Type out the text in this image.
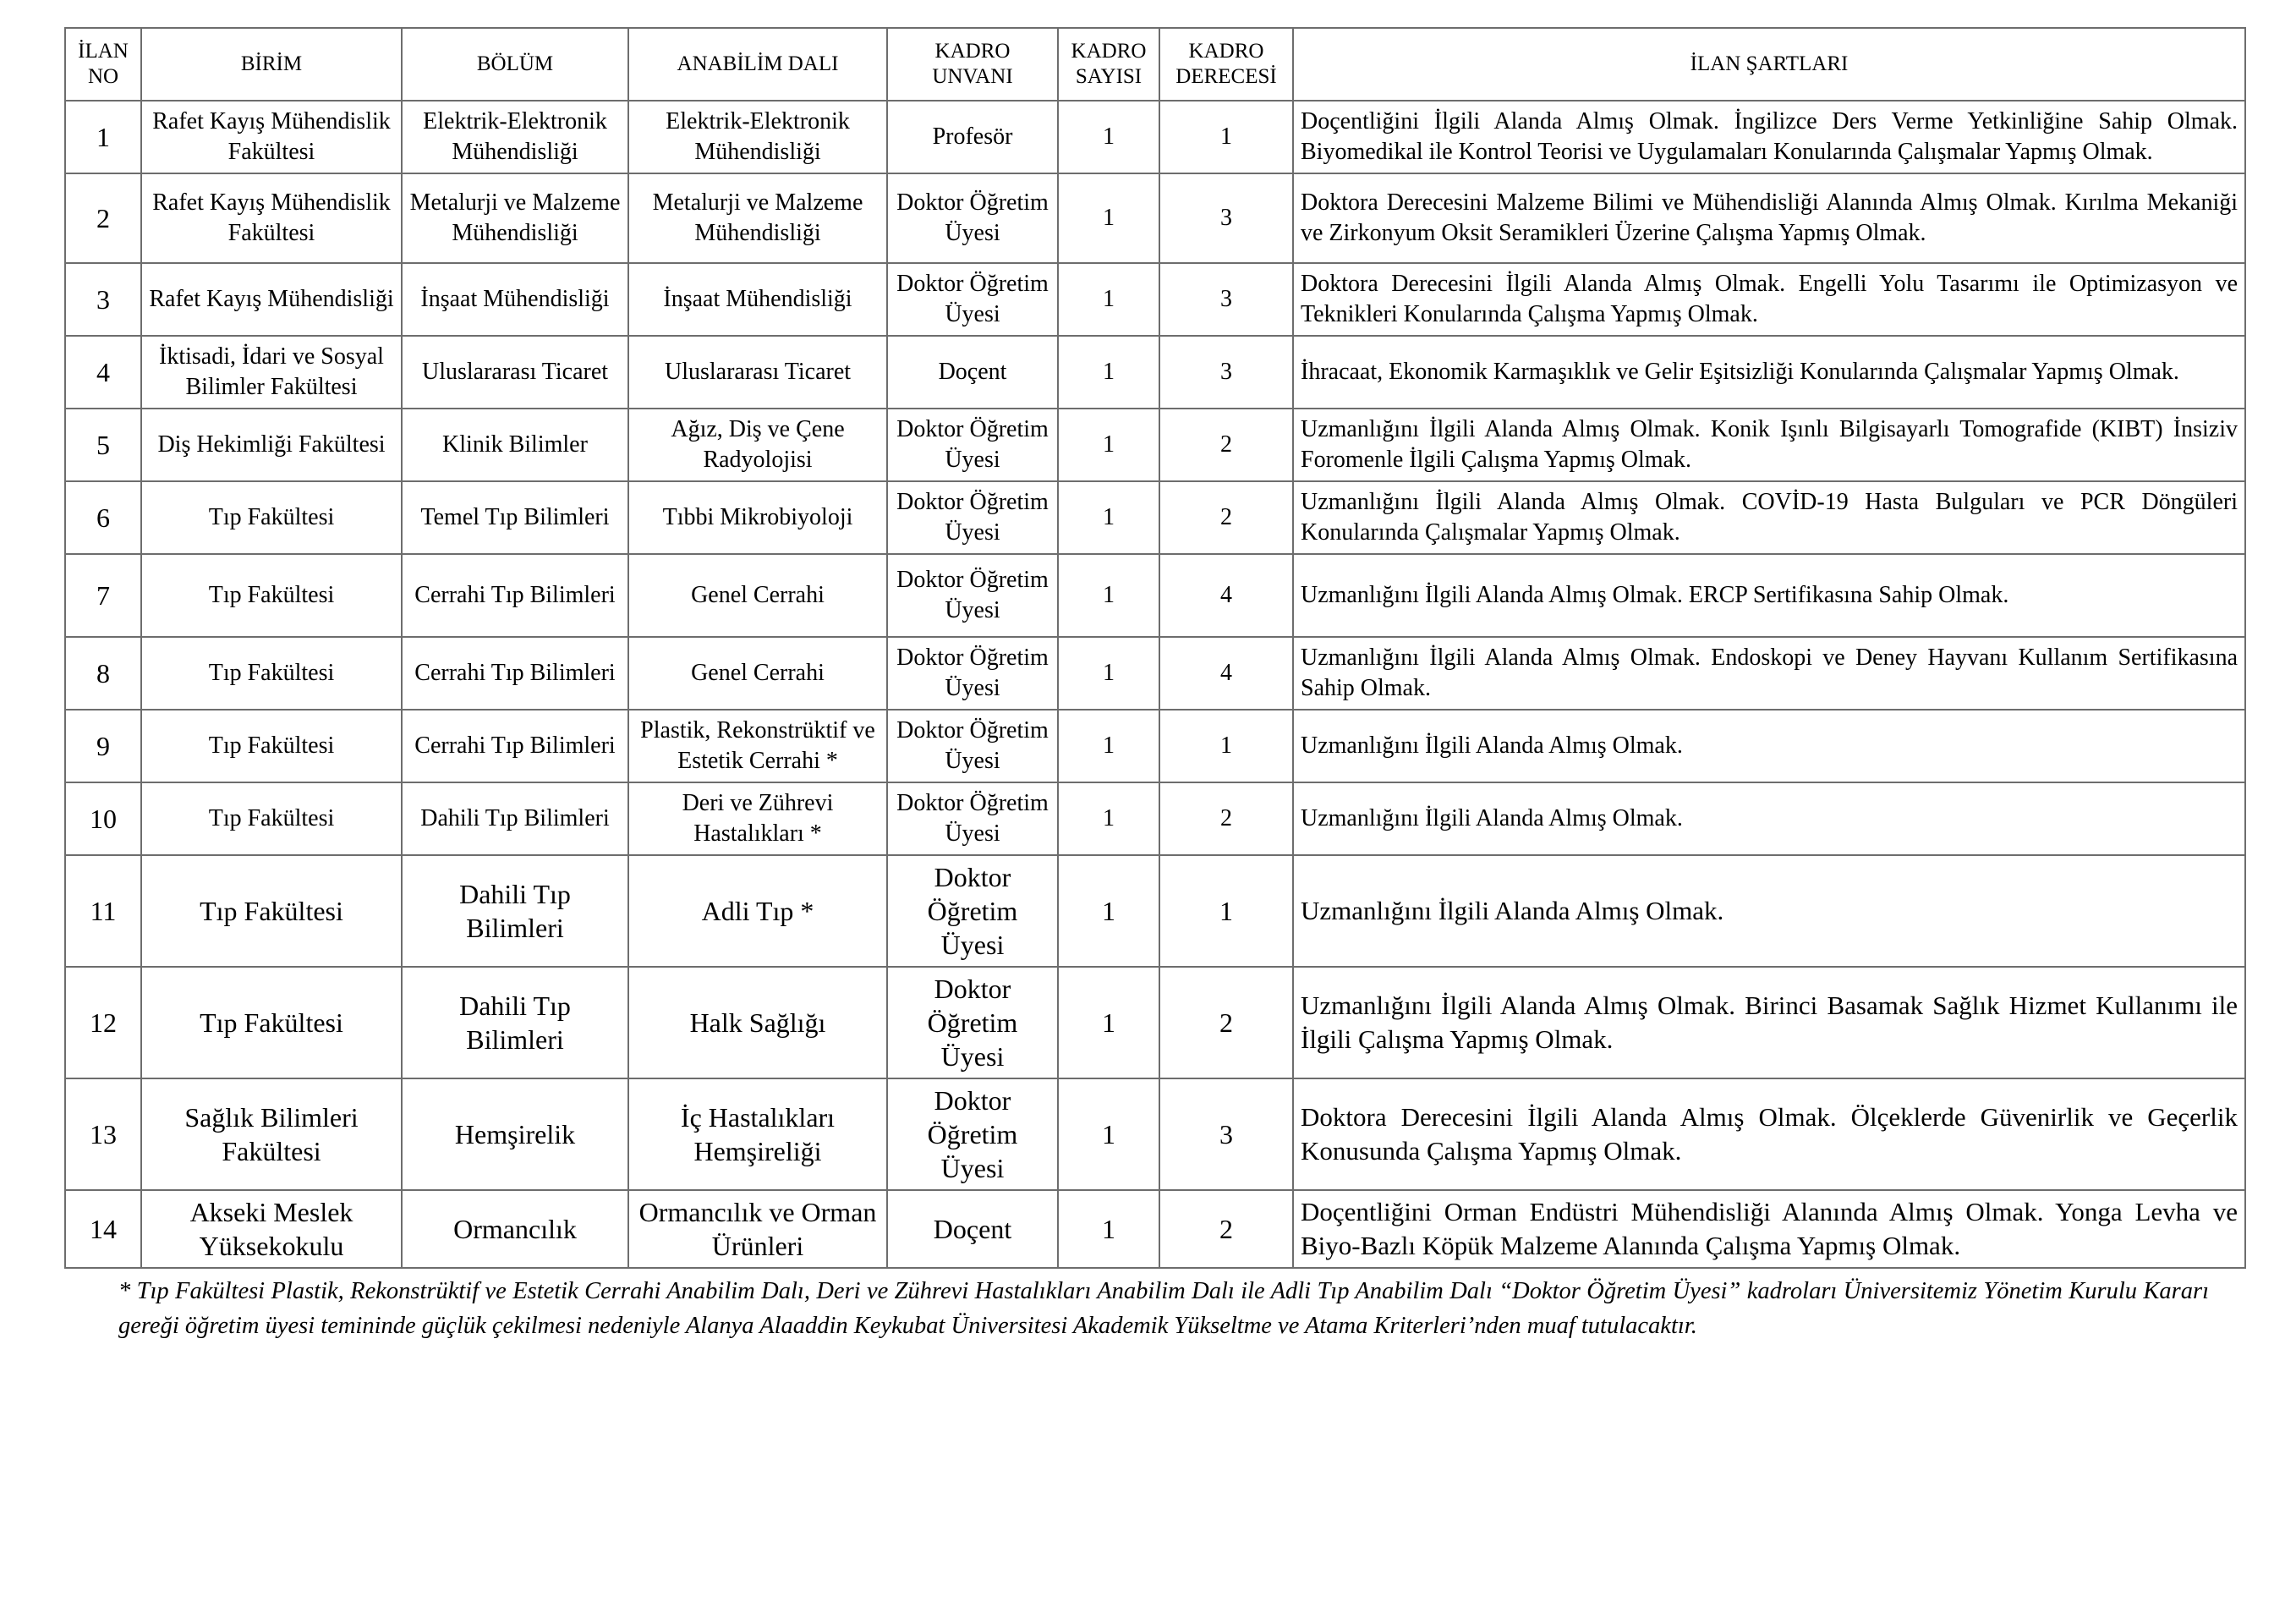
İLAN NO	BİRİM	BÖLÜM	ANABİLİM DALI	KADRO UNVANI	KADRO SAYISI	KADRO DERECESİ	İLAN ŞARTLARI
1	Rafet Kayış Mühendislik Fakültesi	Elektrik-Elektronik Mühendisliği	Elektrik-Elektronik Mühendisliği	Profesör	1	1	Doçentliğini İlgili Alanda Almış Olmak. İngilizce Ders Verme Yetkinliğine Sahip Olmak. Biyomedikal ile Kontrol Teorisi ve Uygulamaları Konularında Çalışmalar Yapmış Olmak.
2	Rafet Kayış Mühendislik Fakültesi	Metalurji ve Malzeme Mühendisliği	Metalurji ve Malzeme Mühendisliği	Doktor Öğretim Üyesi	1	3	Doktora Derecesini Malzeme Bilimi ve Mühendisliği Alanında Almış Olmak. Kırılma Mekaniği ve Zirkonyum Oksit Seramikleri Üzerine Çalışma Yapmış Olmak.
3	Rafet Kayış Mühendisliği	İnşaat Mühendisliği	İnşaat Mühendisliği	Doktor Öğretim Üyesi	1	3	Doktora Derecesini İlgili Alanda Almış Olmak. Engelli Yolu Tasarımı ile Optimizasyon ve Teknikleri Konularında Çalışma Yapmış Olmak.
4	İktisadi, İdari ve Sosyal Bilimler Fakültesi	Uluslararası Ticaret	Uluslararası Ticaret	Doçent	1	3	İhracaat, Ekonomik Karmaşıklık ve Gelir Eşitsizliği Konularında Çalışmalar Yapmış Olmak.
5	Diş Hekimliği Fakültesi	Klinik Bilimler	Ağız, Diş ve Çene Radyolojisi	Doktor Öğretim Üyesi	1	2	Uzmanlığını İlgili Alanda Almış Olmak. Konik Işınlı Bilgisayarlı Tomografide (KIBT) İnsiziv Foromenle İlgili Çalışma Yapmış Olmak.
6	Tıp Fakültesi	Temel Tıp Bilimleri	Tıbbi Mikrobiyoloji	Doktor Öğretim Üyesi	1	2	Uzmanlığını İlgili Alanda Almış Olmak. COVİD-19 Hasta Bulguları ve PCR Döngüleri Konularında Çalışmalar Yapmış Olmak.
7	Tıp Fakültesi	Cerrahi Tıp Bilimleri	Genel Cerrahi	Doktor Öğretim Üyesi	1	4	Uzmanlığını İlgili Alanda Almış Olmak. ERCP Sertifikasına Sahip Olmak.
8	Tıp Fakültesi	Cerrahi Tıp Bilimleri	Genel Cerrahi	Doktor Öğretim Üyesi	1	4	Uzmanlığını İlgili Alanda Almış Olmak. Endoskopi ve Deney Hayvanı Kullanım Sertifikasına Sahip Olmak.
9	Tıp Fakültesi	Cerrahi Tıp Bilimleri	Plastik, Rekonstrüktif ve Estetik Cerrahi *	Doktor Öğretim Üyesi	1	1	Uzmanlığını İlgili Alanda Almış Olmak.
10	Tıp Fakültesi	Dahili Tıp Bilimleri	Deri ve Zührevi Hastalıkları *	Doktor Öğretim Üyesi	1	2	Uzmanlığını İlgili Alanda Almış Olmak.
11	Tıp Fakültesi	Dahili Tıp Bilimleri	Adli Tıp *	Doktor Öğretim Üyesi	1	1	Uzmanlığını İlgili Alanda Almış Olmak.
12	Tıp Fakültesi	Dahili Tıp Bilimleri	Halk Sağlığı	Doktor Öğretim Üyesi	1	2	Uzmanlığını İlgili Alanda Almış Olmak. Birinci Basamak Sağlık Hizmet Kullanımı ile İlgili Çalışma Yapmış Olmak.
13	Sağlık Bilimleri Fakültesi	Hemşirelik	İç Hastalıkları Hemşireliği	Doktor Öğretim Üyesi	1	3	Doktora Derecesini İlgili Alanda Almış Olmak. Ölçeklerde Güvenirlik ve Geçerlik Konusunda Çalışma Yapmış Olmak.
14	Akseki Meslek Yüksekokulu	Ormancılık	Ormancılık ve Orman Ürünleri	Doçent	1	2	Doçentliğini Orman Endüstri Mühendisliği Alanında Almış Olmak. Yonga Levha ve Biyo-Bazlı Köpük Malzeme Alanında Çalışma Yapmış Olmak.

* Tıp Fakültesi Plastik, Rekonstrüktif ve Estetik Cerrahi Anabilim Dalı, Deri ve Zührevi Hastalıkları Anabilim Dalı ile Adli Tıp Anabilim Dalı “Doktor Öğretim Üyesi” kadroları Üniversitemiz Yönetim Kurulu Kararı gereği öğretim üyesi temininde güçlük çekilmesi nedeniyle Alanya Alaaddin Keykubat Üniversitesi Akademik Yükseltme ve Atama Kriterleri’nden muaf tutulacaktır.
